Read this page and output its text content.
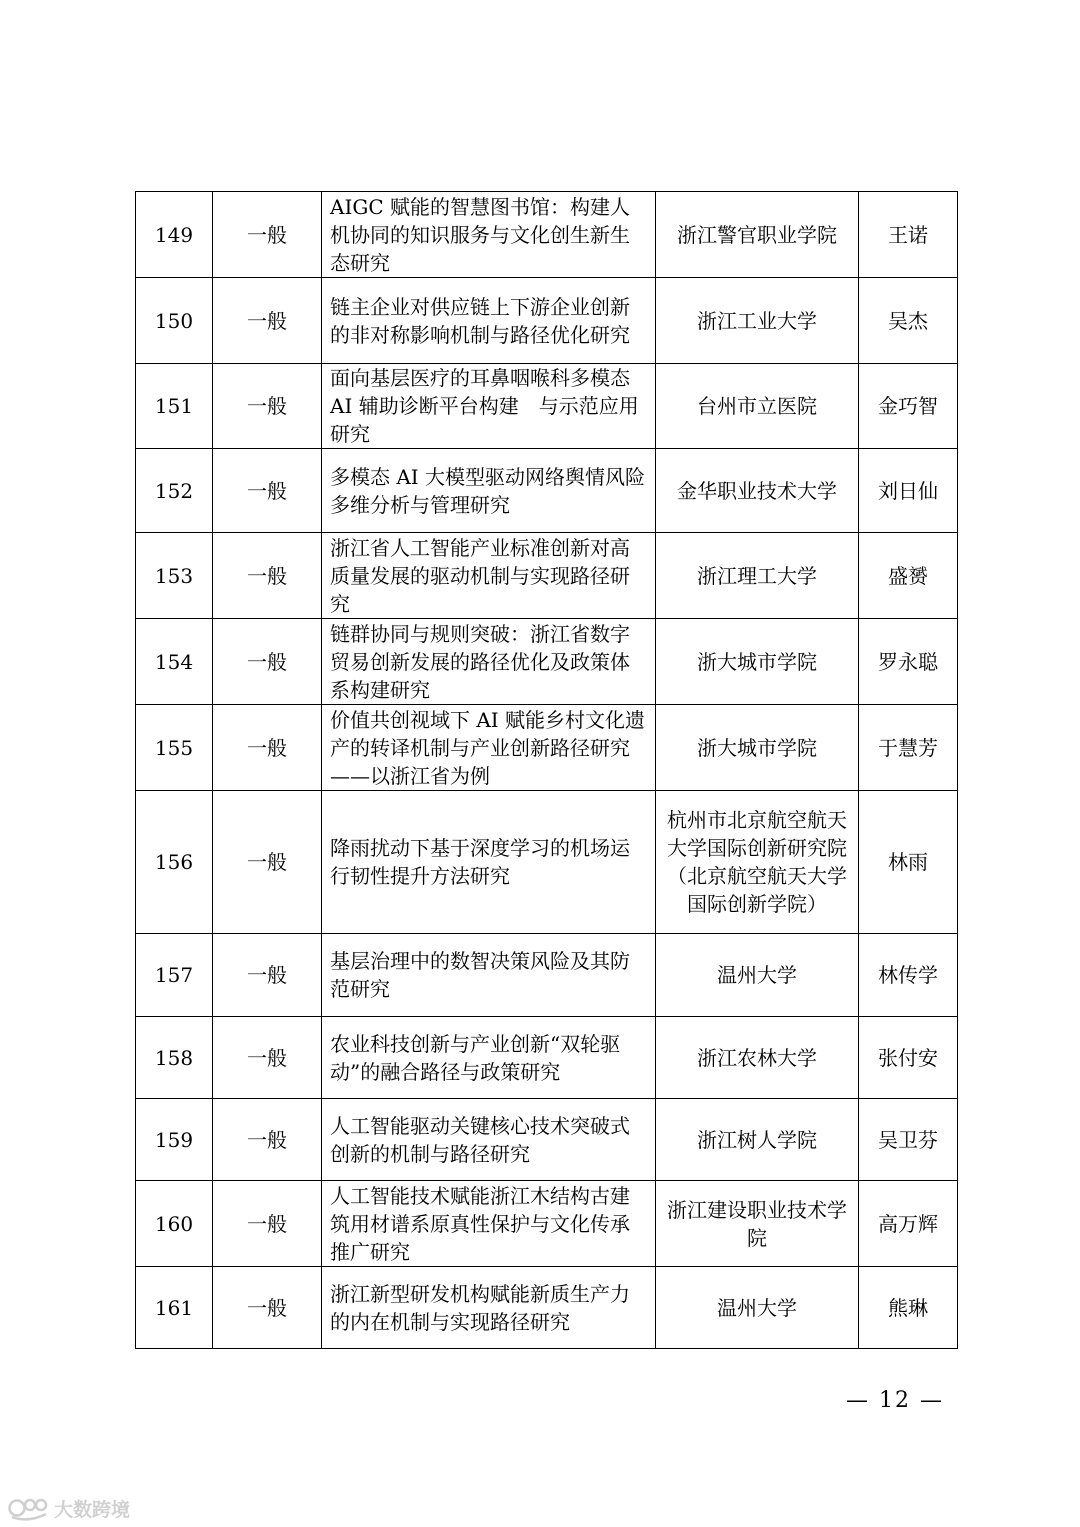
149	一般	AIGC 赋能的智慧图书馆：构建人机协同的知识服务与文化创生新生态研究	浙江警官职业学院	王诺
150	一般	链主企业对供应链上下游企业创新的非对称影响机制与路径优化研究	浙江工业大学	吴杰
151	一般	面向基层医疗的耳鼻咽喉科多模态 AI 辅助诊断平台构建　与示范应用研究	台州市立医院	金巧智
152	一般	多模态 AI 大模型驱动网络舆情风险多维分析与管理研究	金华职业技术大学	刘日仙
153	一般	浙江省人工智能产业标准创新对高质量发展的驱动机制与实现路径研究	浙江理工大学	盛赟
154	一般	链群协同与规则突破：浙江省数字贸易创新发展的路径优化及政策体系构建研究	浙大城市学院	罗永聪
155	一般	价值共创视域下 AI 赋能乡村文化遗产的转译机制与产业创新路径研究——以浙江省为例	浙大城市学院	于慧芳
156	一般	降雨扰动下基于深度学习的机场运行韧性提升方法研究	杭州市北京航空航天大学国际创新研究院（北京航空航天大学国际创新学院）	林雨
157	一般	基层治理中的数智决策风险及其防范研究	温州大学	林传学
158	一般	农业科技创新与产业创新“双轮驱动”的融合路径与政策研究	浙江农林大学	张付安
159	一般	人工智能驱动关键核心技术突破式创新的机制与路径研究	浙江树人学院	吴卫芬
160	一般	人工智能技术赋能浙江木结构古建筑用材谱系原真性保护与文化传承推广研究	浙江建设职业技术学院	高万辉
161	一般	浙江新型研发机构赋能新质生产力的内在机制与实现路径研究	温州大学	熊琳
— 12 —
大数跨境
